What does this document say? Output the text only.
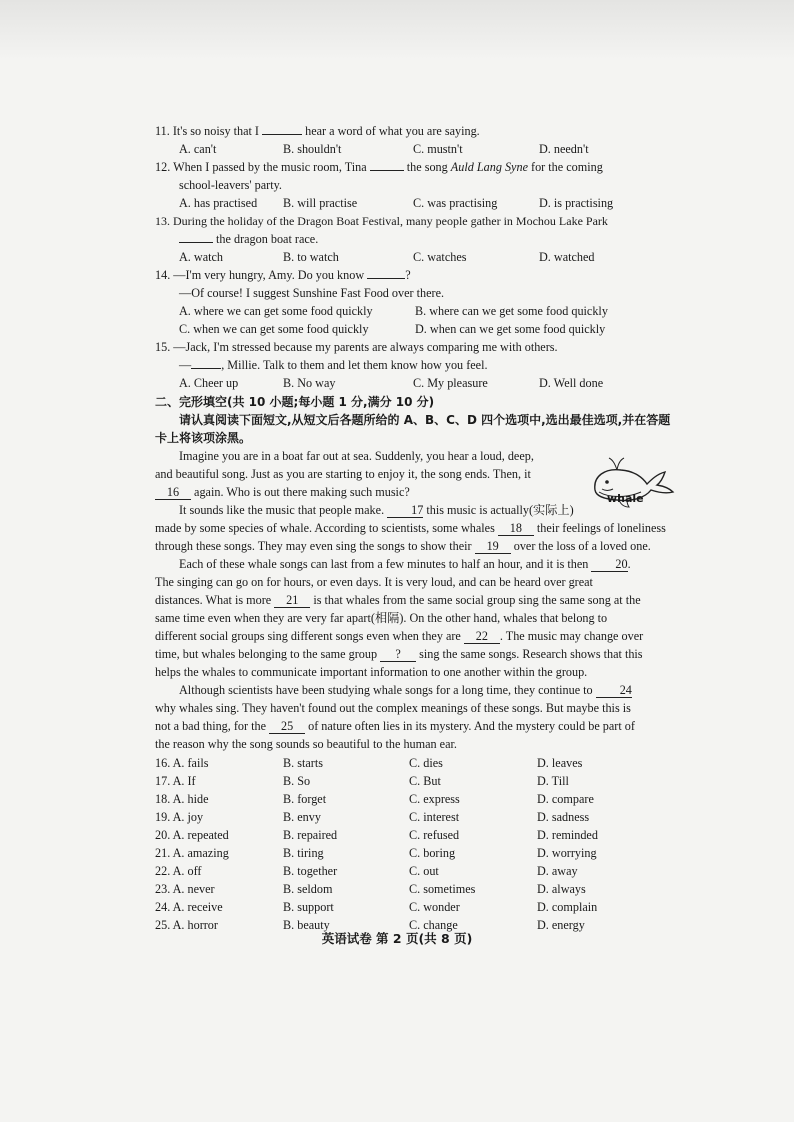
11. It's so noisy that I	hear a word of what you are saying.
A. can't	B. shouldn't	C. mustn't	D. needn't
12. When I passed by the music room, Tina	the song Auld Lang Syne for the coming
school-leavers' party.
A. has practised	B. will practise	C. was practising	D. is practising
13. During the holiday of the Dragon Boat Festival, many people gather in Mochou Lake Park
the dragon boat race.
A. watch	B. to watch	C. watches	D. watched
14. —I'm very hungry, Amy. Do you know	?
—Of course! I suggest Sunshine Fast Food over there.
A. where we can get some food quickly	B. where can we get some food quickly
C. when we can get some food quickly	D. when can we get some food quickly
15. —Jack, I'm stressed because my parents are always comparing me with others.
— , Millie. Talk to them and let them know how you feel.
A. Cheer up	B. No way	C. My pleasure	D. Well done
二、完形填空(共 10 小题;每小题 1 分,满分 10 分)
请认真阅读下面短文,从短文后各题所给的 A、B、C、D 四个选项中,选出最佳选项,并在答题卡上将该项涂黑。

Imagine you are in a boat far out at sea. Suddenly, you hear a loud, deep,

and beautiful song. Just as you are starting to enjoy it, the song ends. Then, it

16 again. Who is out there making such music?

It sounds like the music that people make. 17 this music is actually(实际上)

made by some species of whale. According to scientists, some whales 18 their feelings of loneliness

through these songs. They may even sing the songs to show their 19 over the loss of a loved one.

Each of these whale songs can last from a few minutes to half an hour, and it is then 20.

The singing can go on for hours, or even days. It is very loud, and can be heard over great

distances. What is more 21 is that whales from the same social group sing the same song at the

same time even when they are very far apart(相隔). On the other hand, whales that belong to

different social groups sing different songs even when they are 22 . The music may change over

time, but whales belonging to the same group ? sing the same songs. Research shows that this

helps the whales to communicate important information to one another within the group.

Although scientists have been studying whale songs for a long time, they continue to 24

why whales sing. They haven't found out the complex meanings of these songs. But maybe this is

not a bad thing, for the 25 of nature often lies in its mystery. And the mystery could be part of

the reason why the song sounds so beautiful to the human ear.

16. A. fails	B. starts	C. dies	D. leaves
17. A. If	B. So	C. But	D. Till
18. A. hide	B. forget	C. express	D. compare
19. A. joy	B. envy	C. interest	D. sadness
20. A. repeated	B. repaired	C. refused	D. reminded
21. A. amazing	B. tiring	C. boring	D. worrying
22. A. off	B. together	C. out	D. away
23. A. never	B. seldom	C. sometimes	D. always
24. A. receive	B. support	C. wonder	D. complain
25. A. horror	B. beauty	C. change	D. energy
whale
英语试卷 第 2 页(共 8 页)
